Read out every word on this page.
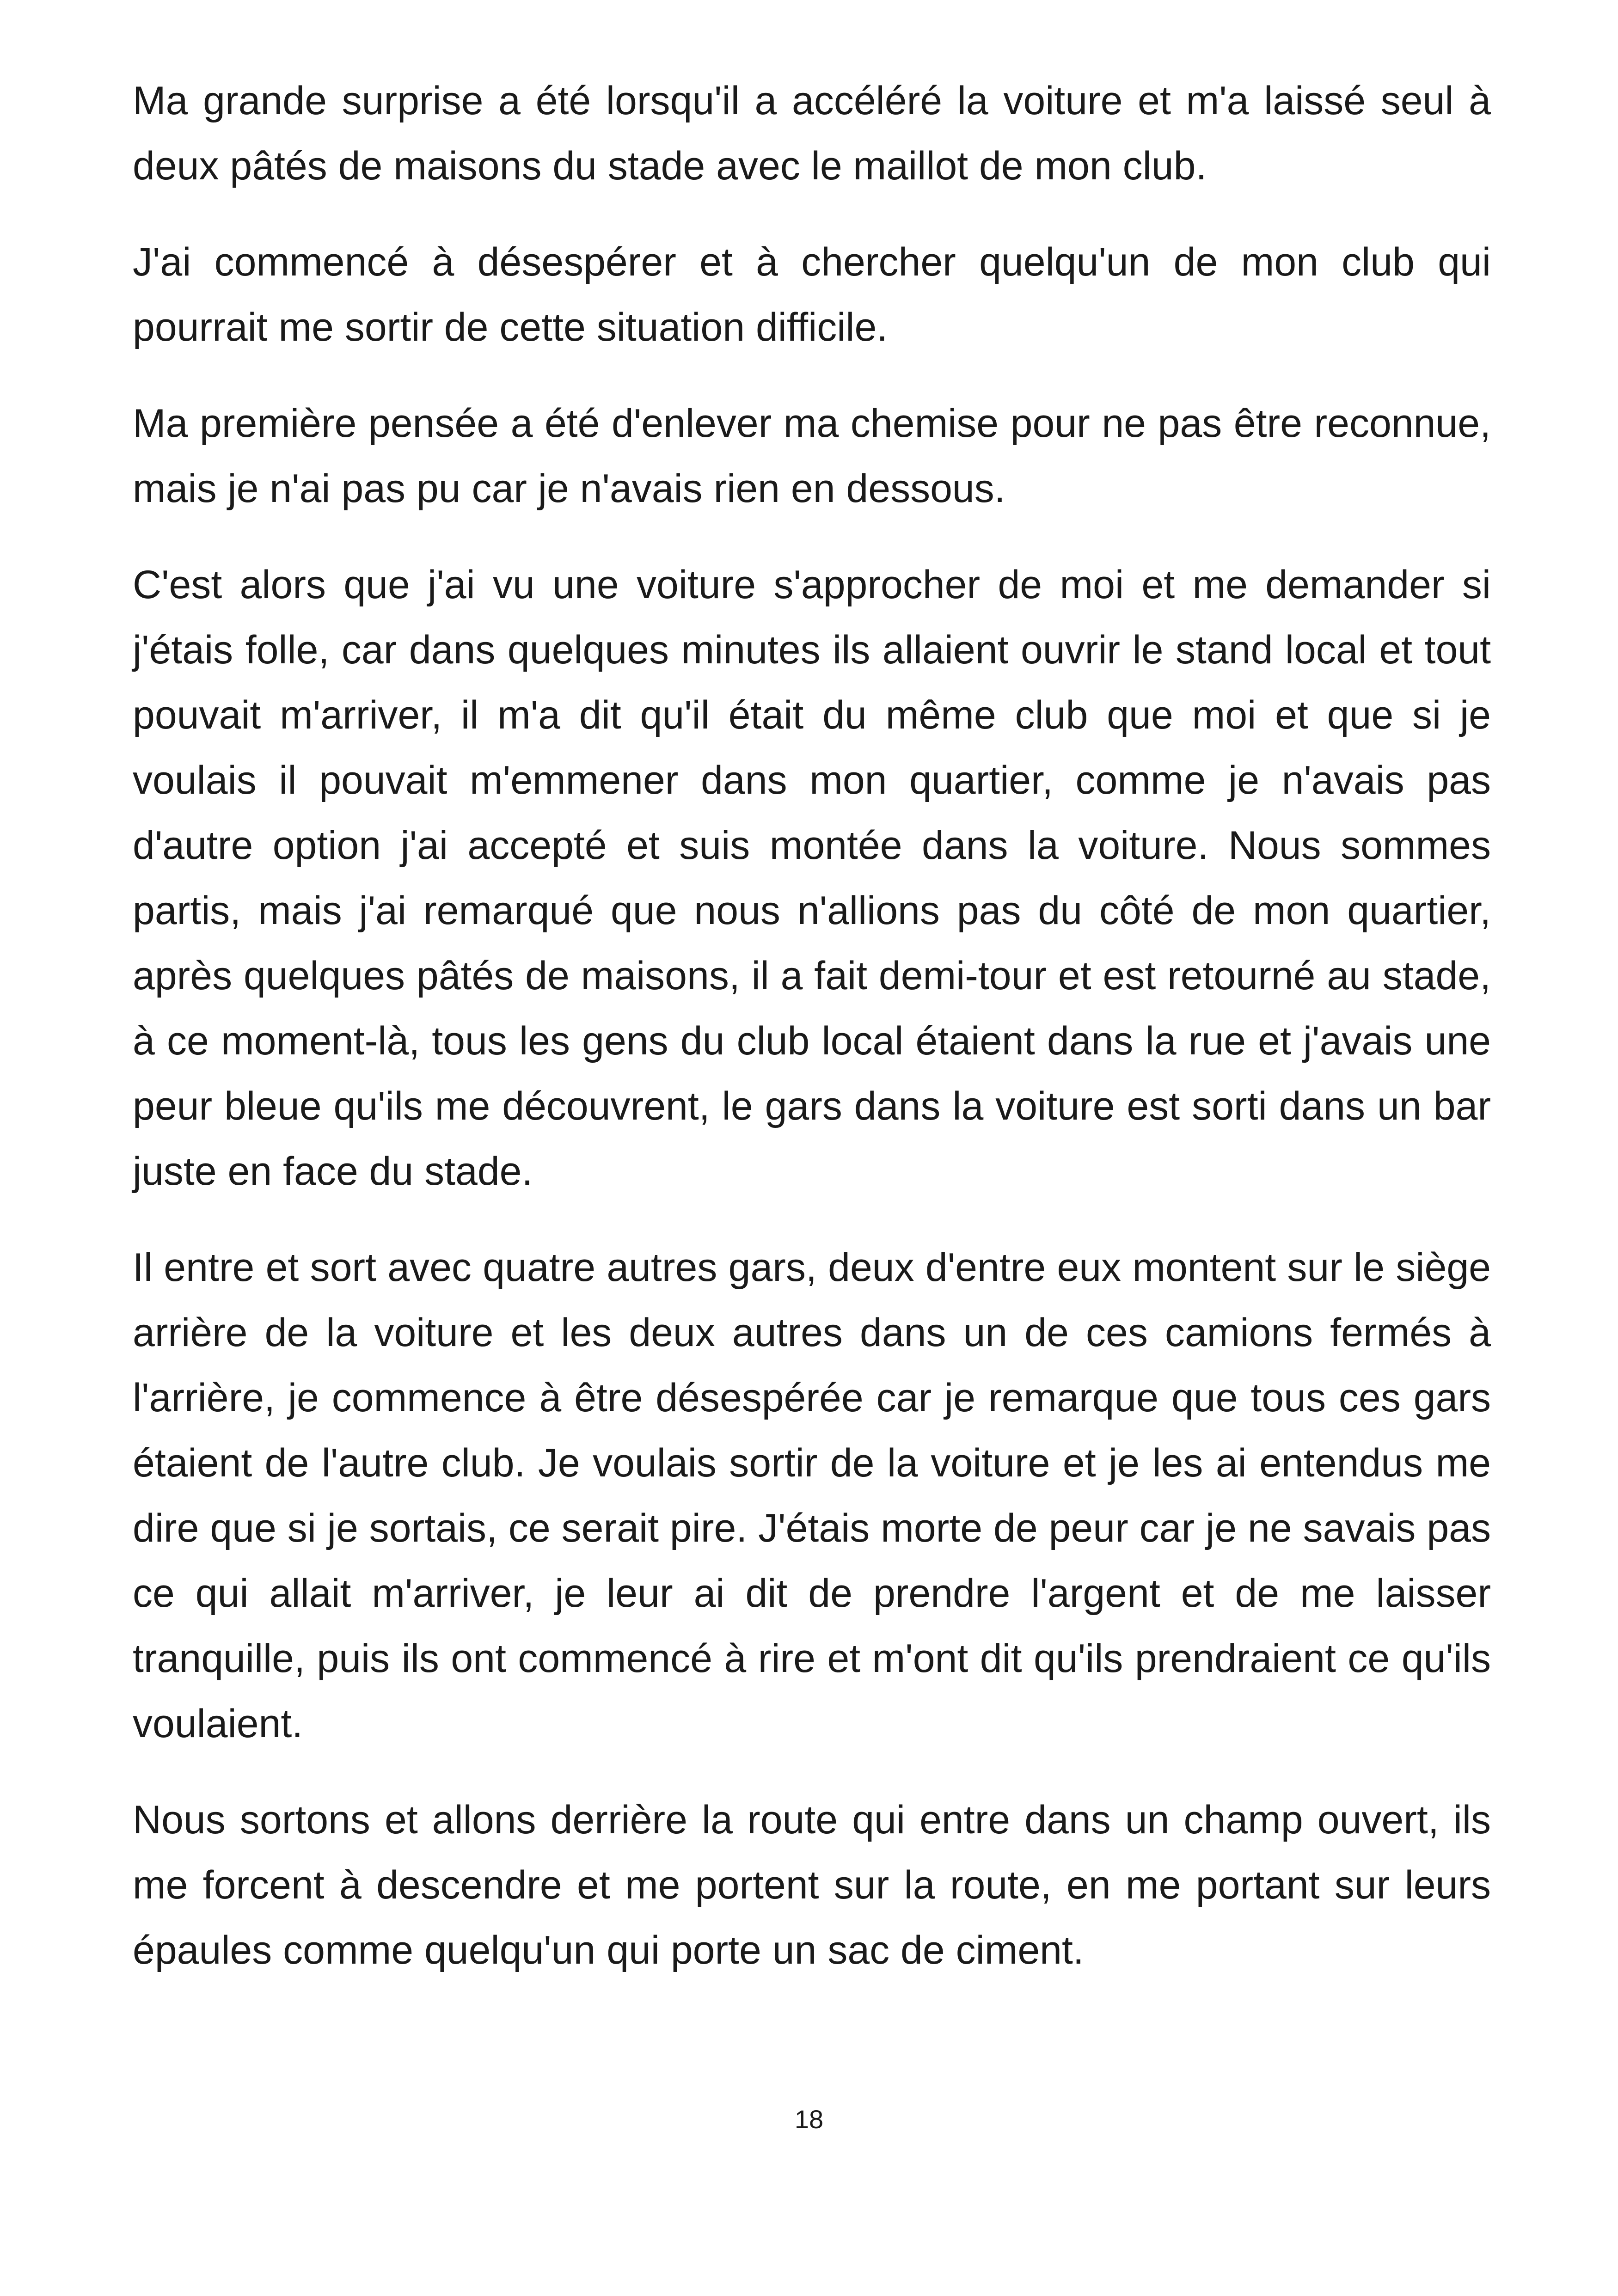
Ma grande surprise a été lorsqu'il a accéléré la voiture et m'a laissé seul à deux pâtés de maisons du stade avec le maillot de mon club.

J'ai commencé à désespérer et à chercher quelqu'un de mon club qui pourrait me sortir de cette situation difficile.

Ma première pensée a été d'enlever ma chemise pour ne pas être reconnue, mais je n'ai pas pu car je n'avais rien en dessous.

C'est alors que j'ai vu une voiture s'approcher de moi et me demander si j'étais folle, car dans quelques minutes ils allaient ouvrir le stand local et tout pouvait m'arriver, il m'a dit qu'il était du même club que moi et que si je voulais il pouvait m'emmener dans mon quartier, comme je n'avais pas d'autre option j'ai accepté et suis montée dans la voiture. Nous sommes partis, mais j'ai remarqué que nous n'allions pas du côté de mon quartier, après quelques pâtés de maisons, il a fait demi-tour et est retourné au stade, à ce moment-là, tous les gens du club local étaient dans la rue et j'avais une peur bleue qu'ils me découvrent, le gars dans la voiture est sorti dans un bar juste en face du stade.

Il entre et sort avec quatre autres gars, deux d'entre eux montent sur le siège arrière de la voiture et les deux autres dans un de ces camions fermés à l'arrière, je commence à être désespérée car je remarque que tous ces gars étaient de l'autre club. Je voulais sortir de la voiture et je les ai entendus me dire que si je sortais, ce serait pire. J'étais morte de peur car je ne savais pas ce qui allait m'arriver, je leur ai dit de prendre l'argent et de me laisser tranquille, puis ils ont commencé à rire et m'ont dit qu'ils prendraient ce qu'ils voulaient.

Nous sortons et allons derrière la route qui entre dans un champ ouvert, ils me forcent à descendre et me portent sur la route, en me portant sur leurs épaules comme quelqu'un qui porte un sac de ciment.

18
